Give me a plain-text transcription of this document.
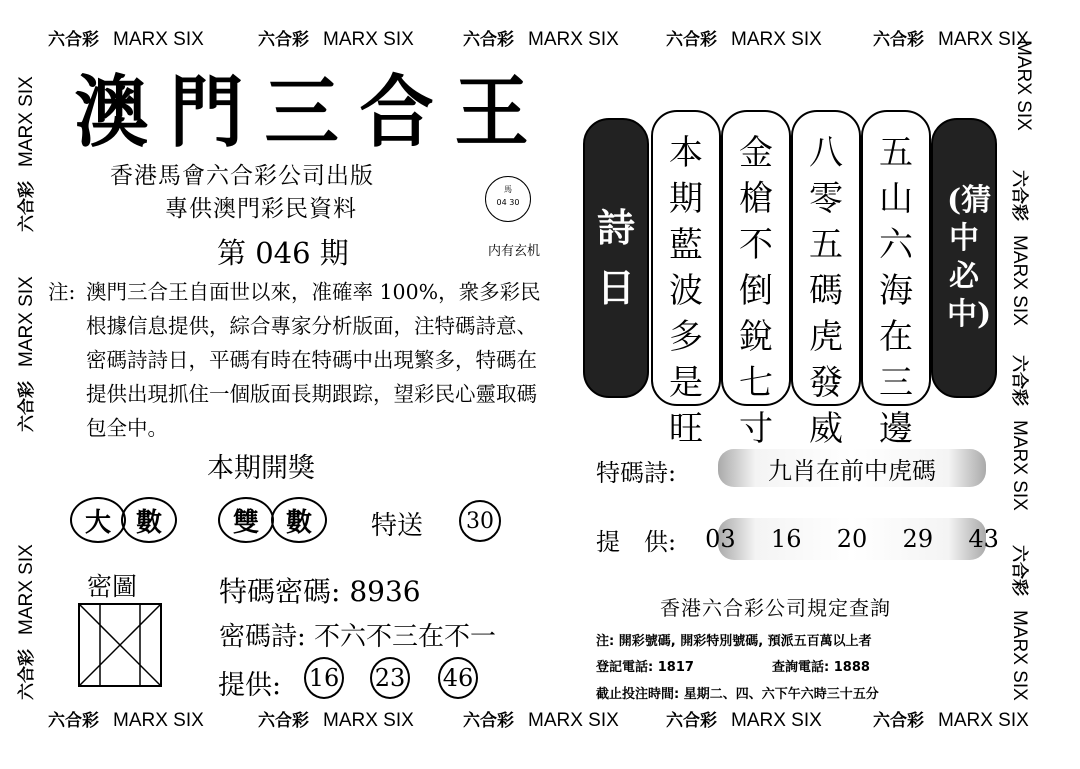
六合彩 MARX SIX	六合彩 MARX SIX	六合彩 MARX SIX	六合彩 MARX SIX	六合彩 MARX SIX
六合彩 MARX SIX	六合彩 MARX SIX	六合彩 MARX SIX	六合彩 MARX SIX	六合彩 MARX SIX
六合彩MARX SIX
六合彩MARX SIX
六合彩MARX SIX
MARX SIX
六合彩MARX SIX
六合彩MARX SIX
六合彩MARX SIX
澳門三合王
香港馬會六合彩公司出版
專供澳門彩民資料
馬
04 30
第 046 期	内有玄机
注: 澳門三合王自面世以來，准確率 100%，衆多彩民根據信息提供，綜合專家分析版面，注特碼詩意、密碼詩詩日，平碼有時在特碼中出現繁多，特碼在提供出現抓住一個版面長期跟踪，望彩民心靈取碼包全中。
本期開獎
大 數	雙 數 特送 30
密圖	特碼密碼: 8936
密碼詩: 不六不三在不一
提供: 16 23 46
詩日
本期藍波多是旺
金槍不倒銳七寸
八零五碼虎發威
五山六海在三邊
(猜中必中)
特碼詩:	九肖在前中虎碼
提　供: 03
16
20
29
43
香港六合彩公司規定查詢
注: 開彩號碼, 開彩特別號碼, 預派五百萬以上者
登記電話: 1817	查詢電話: 1888
截止投注時間: 星期二、四、六下午六時三十五分
